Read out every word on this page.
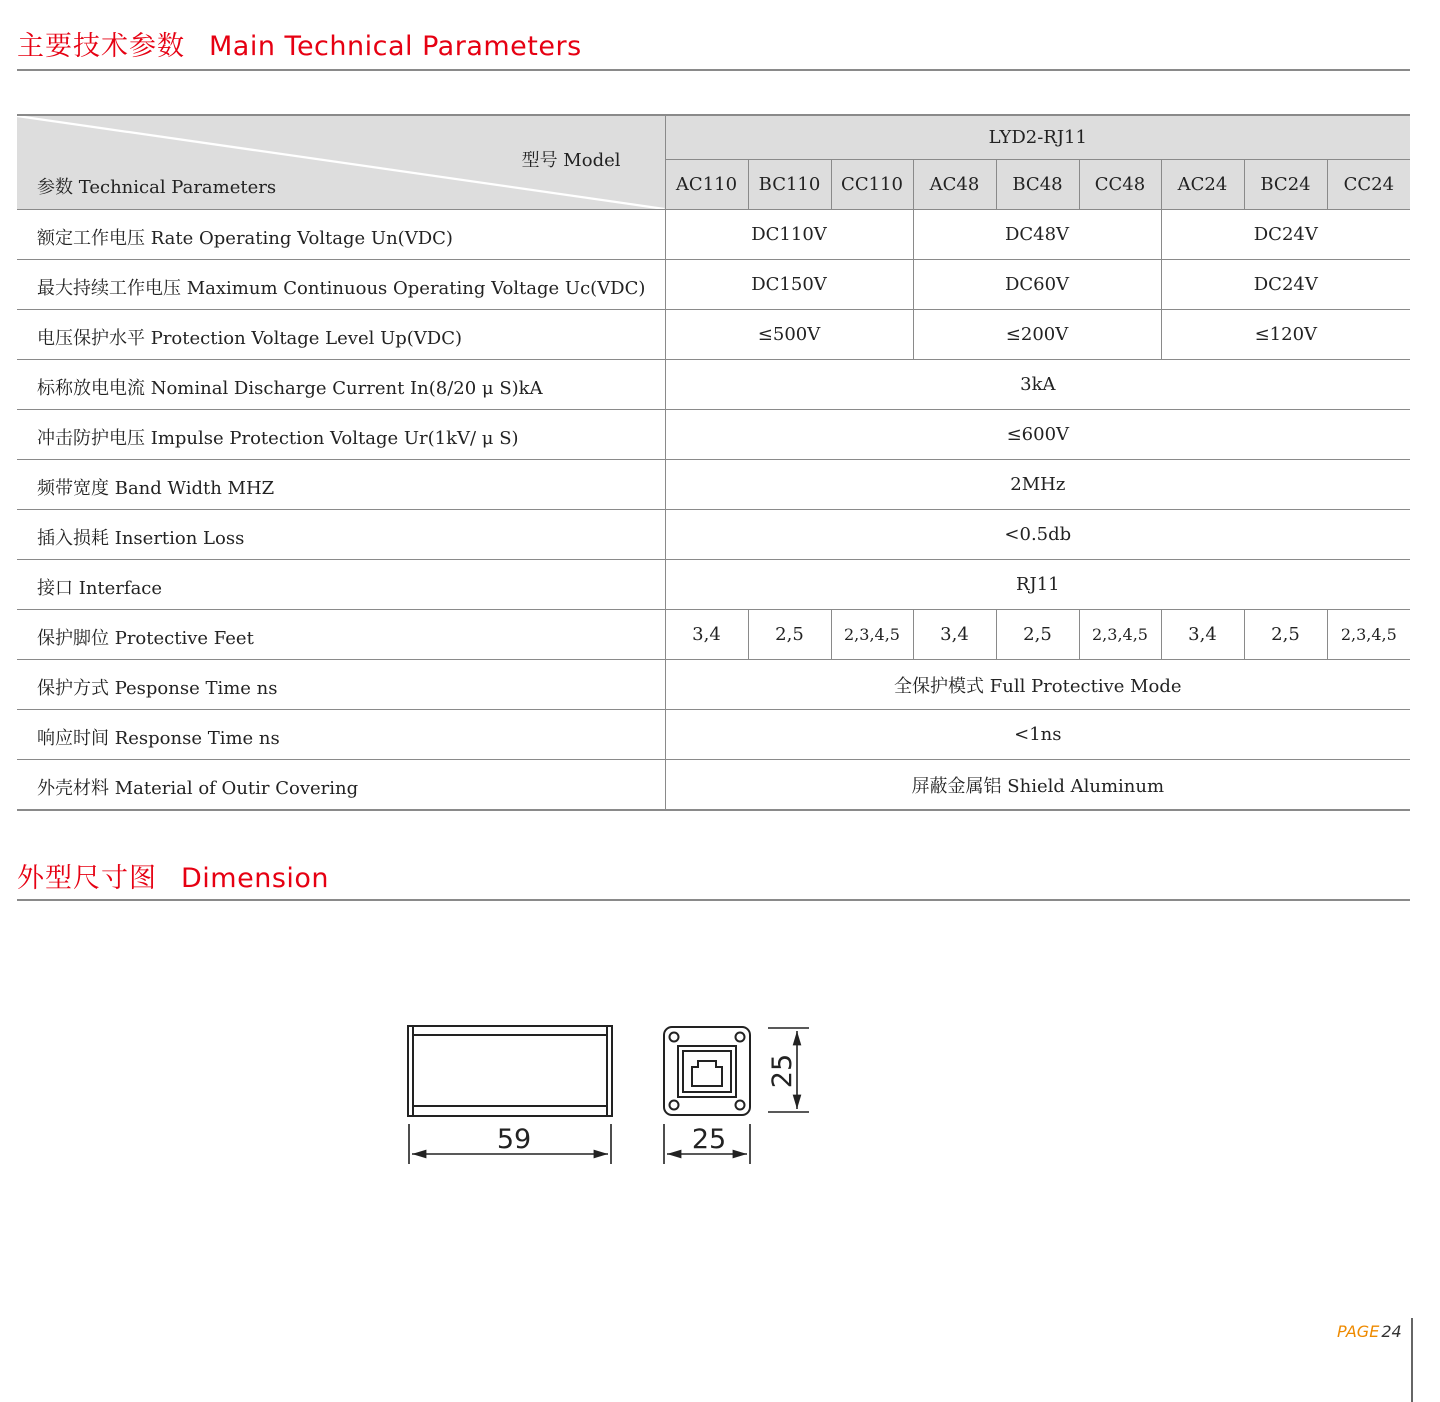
主要技术参数 Main Technical Parameters
型号 Model
参数 Technical Parameters	LYD2-RJ11								
	AC110	BC110	CC110	AC48	BC48	CC48	AC24	BC24	CC24
额定工作电压 Rate Operating Voltage Un(VDC)	DC110V			DC48V			DC24V		
最大持续工作电压 Maximum Continuous Operating Voltage Uc(VDC)	DC150V			DC60V			DC24V		
电压保护水平 Protection Voltage Level Up(VDC)	≤500V			≤200V			≤120V		
标称放电电流 Nominal Discharge Current In(8/20 μ S)kA	3kA								
冲击防护电压 Impulse Protection Voltage Ur(1kV/ μ S)	≤600V								
频带宽度 Band Width MHZ	2MHz								
插入损耗 Insertion Loss	<0.5db								
接口 Interface	RJ11								
保护脚位 Protective Feet	3,4	2,5	2,3,4,5	3,4	2,5	2,3,4,5	3,4	2,5	2,3,4,5
保护方式 Pesponse Time ns	全保护模式 Full Protective Mode								
响应时间 Response Time ns	<1ns								
外壳材料 Material of Outir Covering	屏蔽金属铝 Shield Aluminum								
外型尺寸图 Dimension
59	25
25
PAGE 24
